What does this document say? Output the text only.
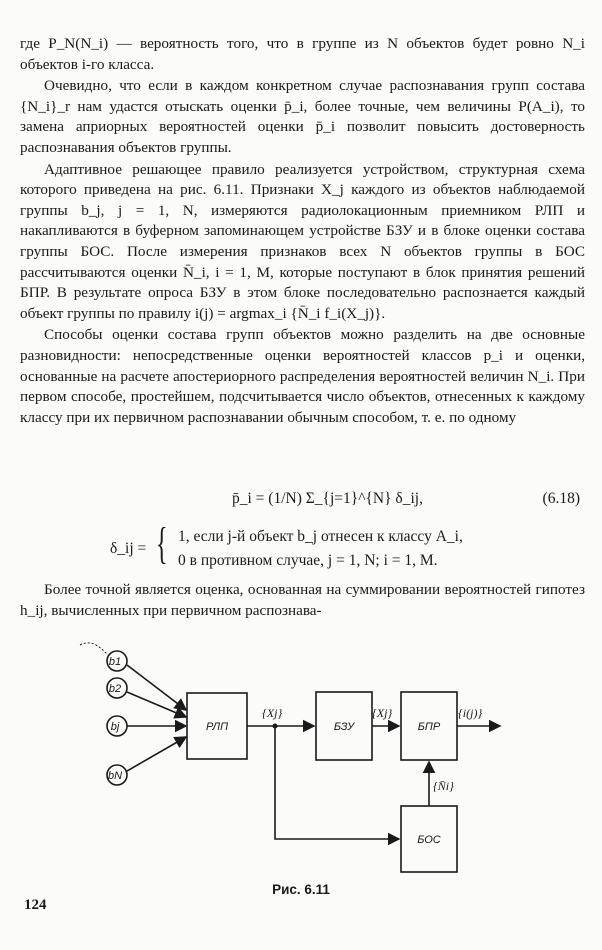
где P_N(N_i) — вероятность того, что в группе из N объектов будет ровно N_i объектов i-го класса.

Очевидно, что если в каждом конкретном случае распознавания групп состава {N_i}_r нам удастся отыскать оценки p̄_i, более точные, чем величины P(A_i), то замена априорных вероятностей оценки p̄_i позволит повысить достоверность распознавания объектов группы.

Адаптивное решающее правило реализуется устройством, структурная схема которого приведена на рис. 6.11. Признаки X_j каждого из объектов наблюдаемой группы b_j, j = 1, N, измеряются радиолокационным приемником РЛП и накапливаются в буферном запоминающем устройстве БЗУ и в блоке оценки состава группы БОС. После измерения признаков всех N объектов группы в БОС рассчитываются оценки N̄_i, i = 1, M, которые поступают в блок принятия решений БПР. В результате опроса БЗУ в этом блоке последовательно распознается каждый объект группы по правилу i(j) = argmax_i {N̄_i f_i(X_j)}.

Способы оценки состава групп объектов можно разделить на две основные разновидности: непосредственные оценки вероятностей классов p_i и оценки, основанные на расчете апостериорного распределения вероятностей величин N_i. При первом способе, простейшем, подсчитывается число объектов, отнесенных к каждому классу при их первичном распознавании обычным способом, т. е. по одному

p̄_i = (1/N) Σ_{j=1}^{N} δ_ij,	(6.18)
δ_ij = { 1, если j-й объект b_j отнесен к классу A_i,
0 в противном случае, j = 1, N; i = 1, M.

Более точной является оценка, основанная на суммировании вероятностей гипотез h_ij, вычисленных при первичном распознава-

b1
b2
bj
bN
РЛП	БЗУ	БПР
БОС
{Xj}	{Xj}	{i(j)}
{N̄i}
Рис. 6.11
124
